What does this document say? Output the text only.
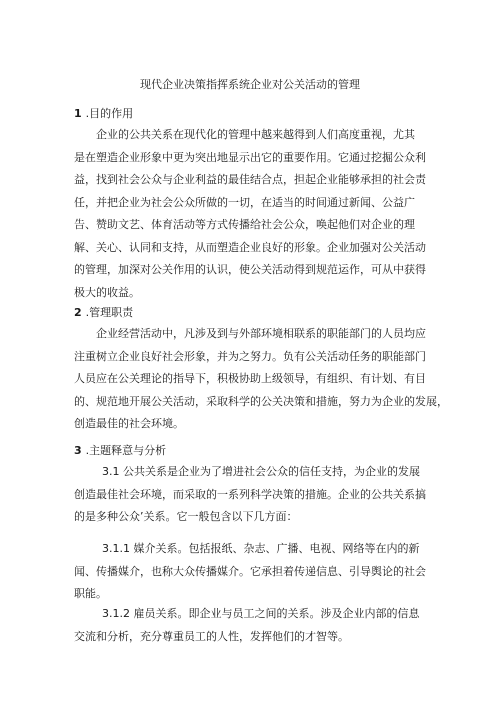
现代企业决策指挥系统企业对公关活动的管理
1 .目的作用
企业的公共关系在现代化的管理中越来越得到人们高度重视，尤其
是在塑造企业形象中更为突出地显示出它的重要作用。它通过挖掘公众利
益，找到社会公众与企业利益的最佳结合点，担起企业能够承担的社会责
任，并把企业为社会公众所做的一切，在适当的时间通过新闻、公益广
告、赞助文艺、体育活动等方式传播给社会公众，唤起他们对企业的理
解、关心、认同和支持，从而塑造企业良好的形象。企业加强对公关活动
的管理，加深对公关作用的认识，使公关活动得到规范运作，可从中获得
极大的收益。
2 .管理职责
企业经营活动中，凡涉及到与外部环境相联系的职能部门的人员均应
注重树立企业良好社会形象，并为之努力。负有公关活动任务的职能部门
人员应在公关理论的指导下，积极协助上级领导，有组织、有计划、有目
的、规范地开展公关活动，采取科学的公关决策和措施，努力为企业的发展，
创造最佳的社会环境。
3 .主题释意与分析
3.1 公共关系是企业为了增进社会公众的信任支持，为企业的发展
创造最佳社会环境，而采取的一系列科学决策的措施。企业的公共关系搞
的是多种公众’关系。它一般包含以下几方面：
3.1.1 媒介关系。包括报纸、杂志、广播、电视、网络等在内的新
闻、传播媒介，也称大众传播媒介。它承担着传递信息、引导舆论的社会
职能。
3.1.2 雇员关系。即企业与员工之间的关系。涉及企业内部的信息
交流和分析，充分尊重员工的人性，发挥他们的才智等。
